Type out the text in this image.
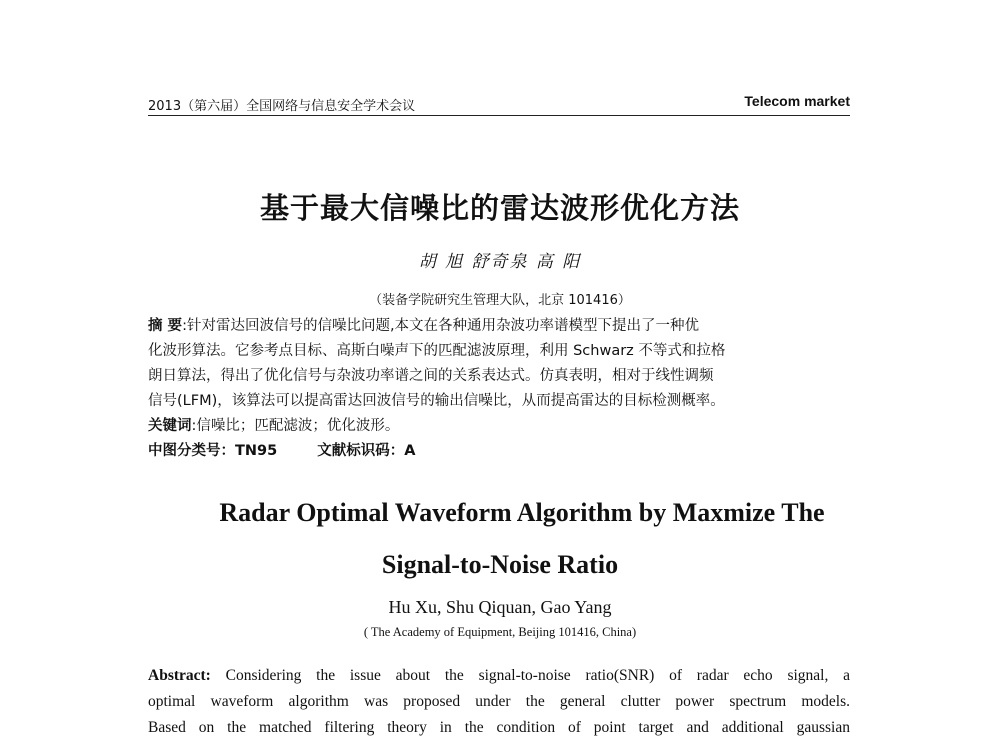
2013（第六届）全国网络与信息安全学术会议	Telecom market
基于最大信噪比的雷达波形优化方法
胡 旭 舒奇泉 高 阳
（装备学院研究生管理大队，北京 101416）
摘 要:针对雷达回波信号的信噪比问题,本文在各种通用杂波功率谱模型下提出了一种优
化波形算法。它参考点目标、高斯白噪声下的匹配滤波原理，利用 Schwarz 不等式和拉格
朗日算法，得出了优化信号与杂波功率谱之间的关系表达式。仿真表明，相对于线性调频
信号(LFM)，该算法可以提高雷达回波信号的输出信噪比，从而提高雷达的目标检测概率。
关键词:信噪比；匹配滤波；优化波形。
中图分类号：TN95	文献标识码：A
Radar Optimal Waveform Algorithm by Maxmize The
Signal-to-Noise Ratio
Hu Xu, Shu Qiquan, Gao Yang
( The Academy of Equipment, Beijing 101416, China)
Abstract: Considering the issue about the signal-to-noise ratio(SNR) of radar echo signal, a
optimal waveform algorithm was proposed under the general clutter power spectrum models.
Based on the matched filtering theory in the condition of point target and additional gaussian
